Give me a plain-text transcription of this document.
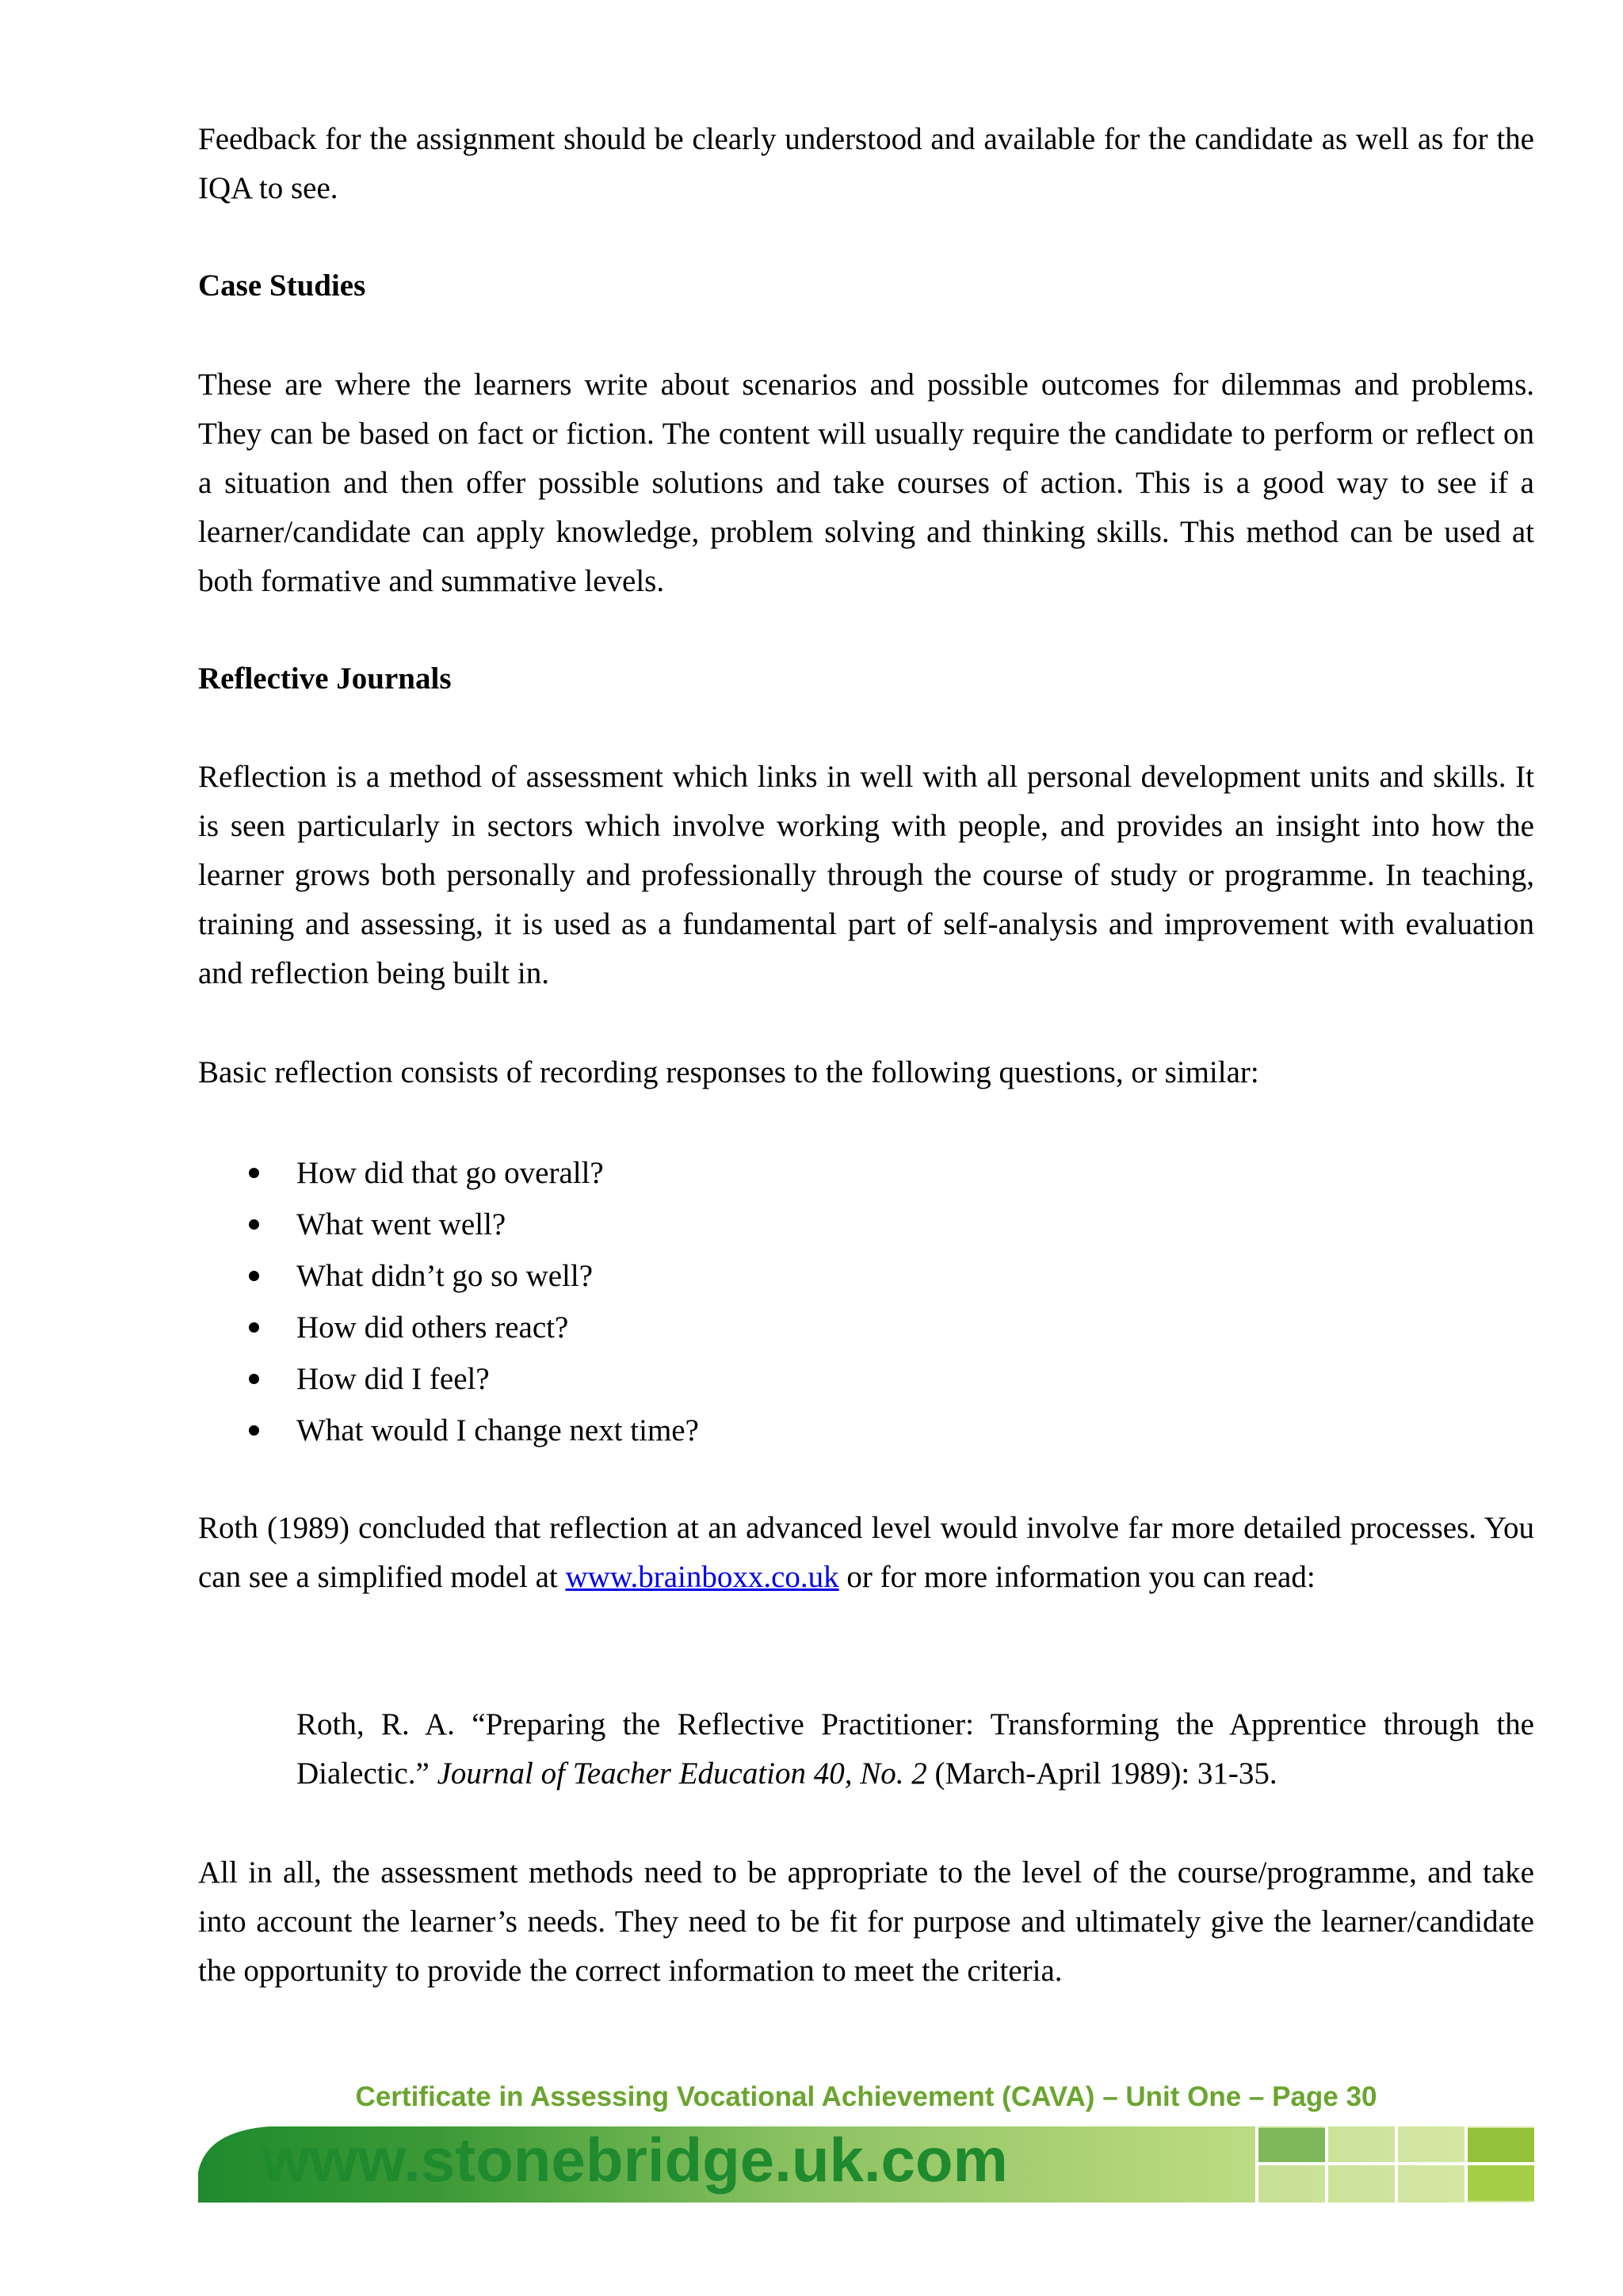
Feedback for the assignment should be clearly understood and available for the candidate as well as for the IQA to see.

Case Studies

These are where the learners write about scenarios and possible outcomes for dilemmas and problems. They can be based on fact or fiction. The content will usually require the candidate to perform or reflect on a situation and then offer possible solutions and take courses of action. This is a good way to see if a learner/candidate can apply knowledge, problem solving and thinking skills. This method can be used at both formative and summative levels.

Reflective Journals

Reflection is a method of assessment which links in well with all personal development units and skills. It is seen particularly in sectors which involve working with people, and provides an insight into how the learner grows both personally and professionally through the course of study or programme. In teaching, training and assessing, it is used as a fundamental part of self-analysis and improvement with evaluation and reflection being built in.

Basic reflection consists of recording responses to the following questions, or similar:

How did that go overall?
What went well?
What didn’t go so well?
How did others react?
How did I feel?
What would I change next time?

Roth (1989) concluded that reflection at an advanced level would involve far more detailed processes. You can see a simplified model at www.brainboxx.co.uk or for more information you can read:

Roth, R. A. “Preparing the Reflective Practitioner: Transforming the Apprentice through the Dialectic.” Journal of Teacher Education 40, No. 2 (March-April 1989): 31-35.

All in all, the assessment methods need to be appropriate to the level of the course/programme, and take into account the learner’s needs. They need to be fit for purpose and ultimately give the learner/candidate the opportunity to provide the correct information to meet the criteria.

Certificate in Assessing Vocational Achievement (CAVA) – Unit One – Page 30
www.stonebridge.uk.com
